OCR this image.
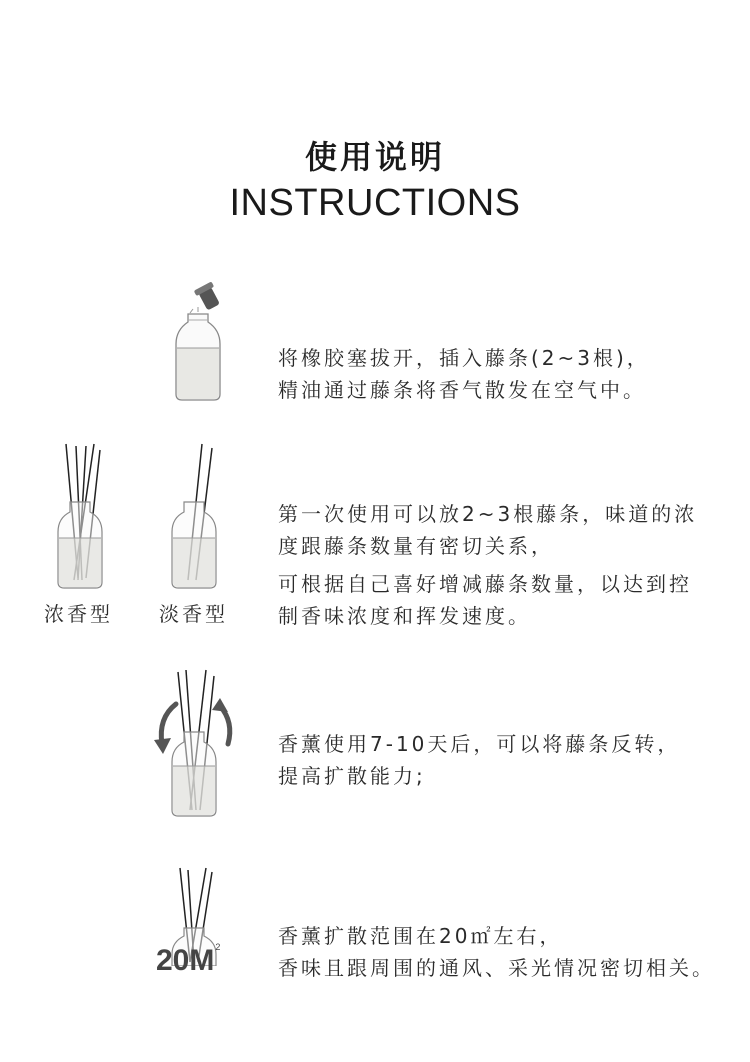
使用说明
INSTRUCTIONS
将橡胶塞拔开，插入藤条(2~3根)，
精油通过藤条将香气散发在空气中。
浓香型 淡香型
第一次使用可以放2~3根藤条，味道的浓
度跟藤条数量有密切关系，
可根据自己喜好增减藤条数量，以达到控
制香味浓度和挥发速度。
香薰使用7-10天后，可以将藤条反转，
提高扩散能力;
$20M^2$	香薰扩散范围在20㎡左右，
香味且跟周围的通风、采光情况密切相关。
